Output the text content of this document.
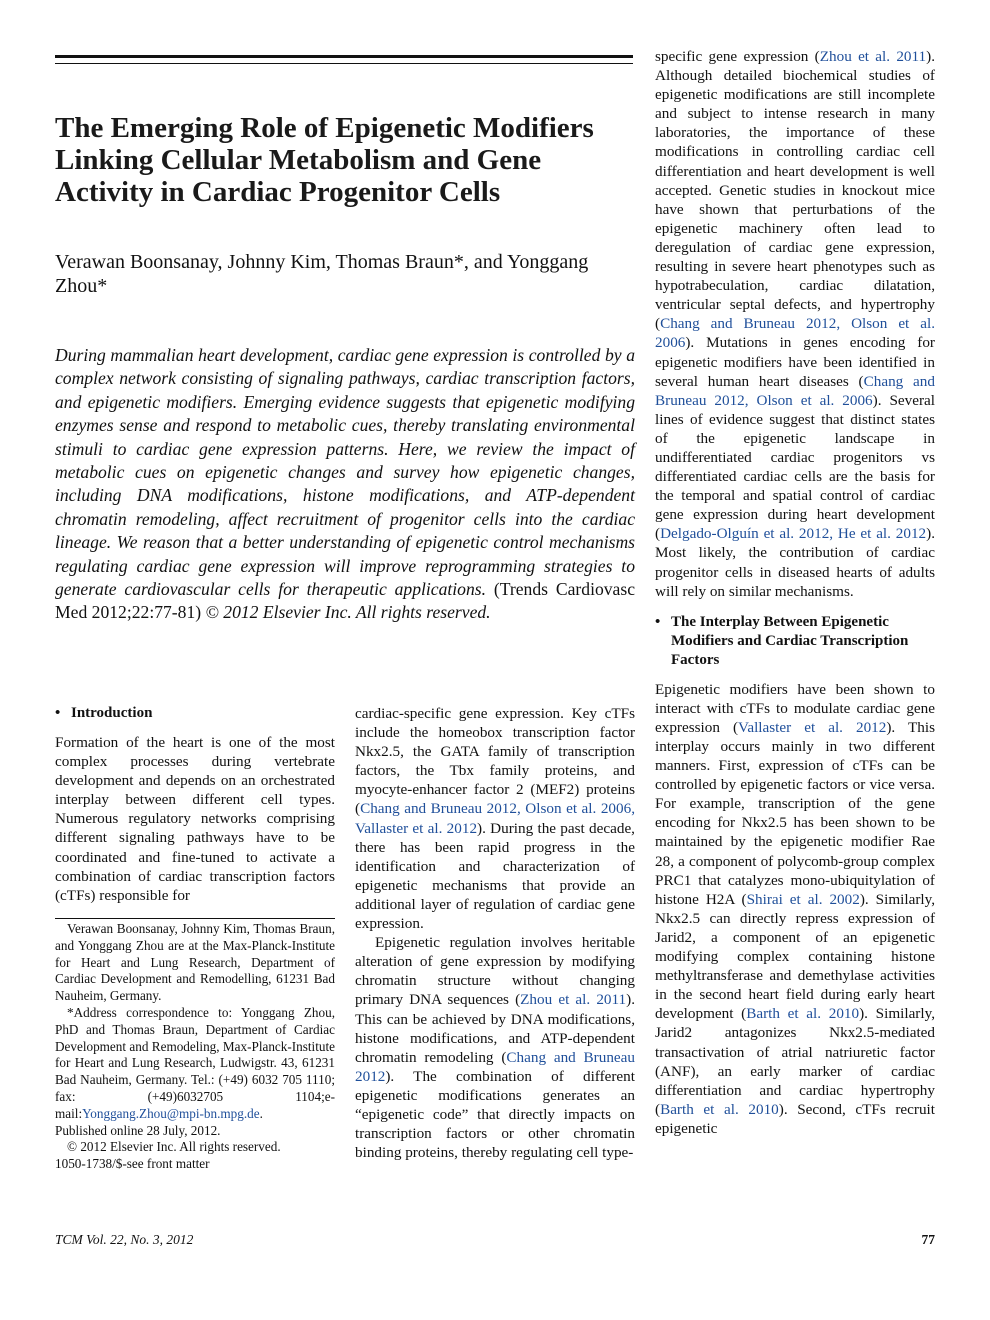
The Emerging Role of Epigenetic Modifiers Linking Cellular Metabolism and Gene Activity in Cardiac Progenitor Cells
Verawan Boonsanay, Johnny Kim, Thomas Braun*, and Yonggang Zhou*

During mammalian heart development, cardiac gene expression is controlled by a complex network consisting of signaling pathways, cardiac transcription factors, and epigenetic modifiers. Emerging evidence suggests that epigenetic modifying enzymes sense and respond to metabolic cues, thereby translating environmental stimuli to cardiac gene expression patterns. Here, we review the impact of metabolic cues on epigenetic changes and survey how epigenetic changes, including DNA modifications, histone modifications, and ATP-dependent chromatin remodeling, affect recruitment of progenitor cells into the cardiac lineage. We reason that a better understanding of epigenetic control mechanisms regulating cardiac gene expression will improve reprogramming strategies to generate cardiovascular cells for therapeutic applications. (Trends Cardiovasc Med 2012;22:77-81) © 2012 Elsevier Inc. All rights reserved.

• Introduction

Formation of the heart is one of the most complex processes during vertebrate development and depends on an orchestrated interplay between different cell types. Numerous regulatory networks comprising different signaling pathways have to be coordinated and fine-tuned to activate a combination of cardiac transcription factors (cTFs) responsible for

Verawan Boonsanay, Johnny Kim, Thomas Braun, and Yonggang Zhou are at the Max-Planck-Institute for Heart and Lung Research, Department of Cardiac Development and Remodelling, 61231 Bad Nauheim, Germany.

*Address correspondence to: Yonggang Zhou, PhD and Thomas Braun, Department of Cardiac Development and Remodeling, Max-Planck-Institute for Heart and Lung Research, Ludwigstr. 43, 61231 Bad Nauheim, Germany. Tel.: (+49) 6032 705 1110; fax: (+49)6032705 1104;e-mail:Yonggang.Zhou@mpi-bn.mpg.de.

Published online 28 July, 2012.

© 2012 Elsevier Inc. All rights reserved.

1050-1738/$-see front matter

cardiac-specific gene expression. Key cTFs include the homeobox transcription factor Nkx2.5, the GATA family of transcription factors, the Tbx family proteins, and myocyte-enhancer factor 2 (MEF2) proteins (Chang and Bruneau 2012, Olson et al. 2006, Vallaster et al. 2012). During the past decade, there has been rapid progress in the identification and characterization of epigenetic mechanisms that provide an additional layer of regulation of cardiac gene expression.

Epigenetic regulation involves heritable alteration of gene expression by modifying chromatin structure without changing primary DNA sequences (Zhou et al. 2011). This can be achieved by DNA modifications, histone modifications, and ATP-dependent chromatin remodeling (Chang and Bruneau 2012). The combination of different epigenetic modifications generates an “epigenetic code” that directly impacts on transcription factors or other chromatin binding proteins, thereby regulating cell type-

specific gene expression (Zhou et al. 2011). Although detailed biochemical studies of epigenetic modifications are still incomplete and subject to intense research in many laboratories, the importance of these modifications in controlling cardiac cell differentiation and heart development is well accepted. Genetic studies in knockout mice have shown that perturbations of the epigenetic machinery often lead to deregulation of cardiac gene expression, resulting in severe heart phenotypes such as hypotrabeculation, cardiac dilatation, ventricular septal defects, and hypertrophy (Chang and Bruneau 2012, Olson et al. 2006). Mutations in genes encoding for epigenetic modifiers have been identified in several human heart diseases (Chang and Bruneau 2012, Olson et al. 2006). Several lines of evidence suggest that distinct states of the epigenetic landscape in undifferentiated cardiac progenitors vs differentiated cardiac cells are the basis for the temporal and spatial control of cardiac gene expression during heart development (Delgado-Olguín et al. 2012, He et al. 2012). Most likely, the contribution of cardiac progenitor cells in diseased hearts of adults will rely on similar mechanisms.

• The Interplay Between Epigenetic Modifiers and Cardiac Transcription Factors

Epigenetic modifiers have been shown to interact with cTFs to modulate cardiac gene expression (Vallaster et al. 2012). This interplay occurs mainly in two different manners. First, expression of cTFs can be controlled by epigenetic factors or vice versa. For example, transcription of the gene encoding for Nkx2.5 has been shown to be maintained by the epigenetic modifier Rae 28, a component of polycomb-group complex PRC1 that catalyzes mono-ubiquitylation of histone H2A (Shirai et al. 2002). Similarly, Nkx2.5 can directly repress expression of Jarid2, a component of an epigenetic modifying complex containing histone methyltransferase and demethylase activities in the second heart field during early heart development (Barth et al. 2010). Similarly, Jarid2 antagonizes Nkx2.5-mediated transactivation of atrial natriuretic factor (ANF), an early marker of cardiac differentiation and cardiac hypertrophy (Barth et al. 2010). Second, cTFs recruit epigenetic

TCM Vol. 22, No. 3, 2012	77
